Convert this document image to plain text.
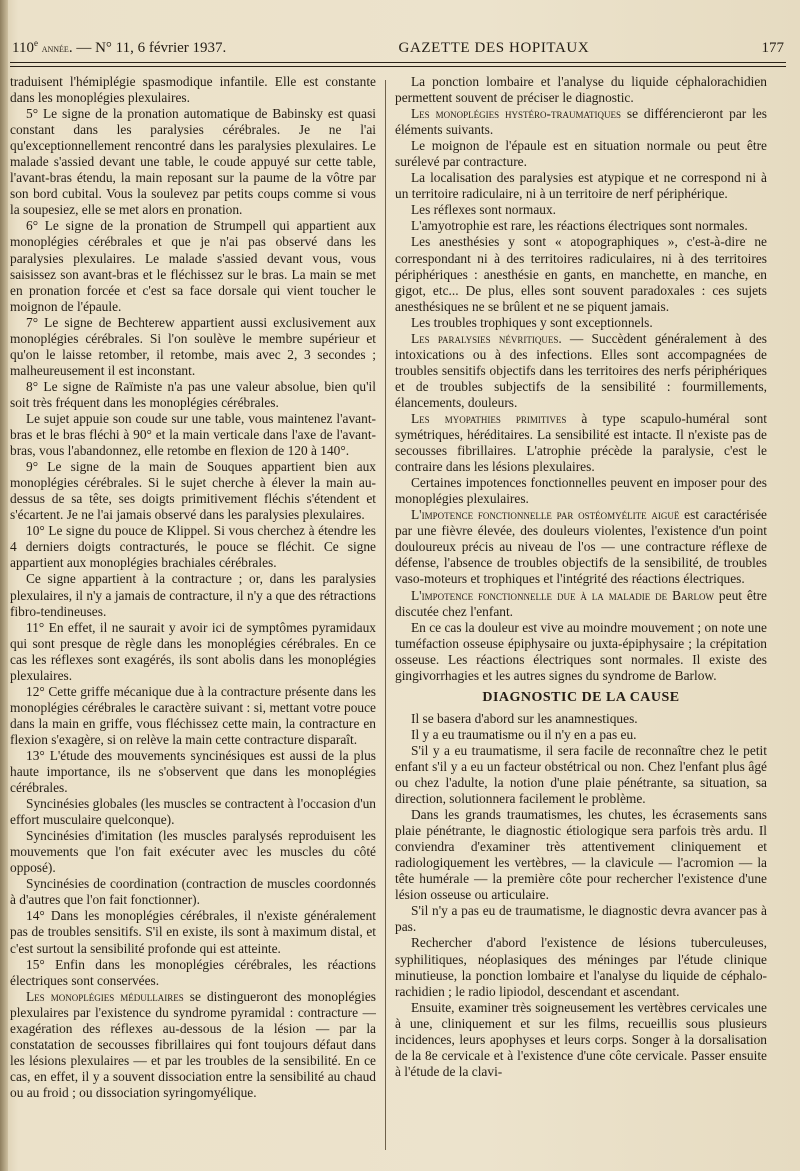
110e année. — N° 11, 6 février 1937.	GAZETTE DES HOPITAUX	177

traduisent l'hémiplégie spasmodique infantile. Elle est constante dans les monoplégies plexulaires.

5° Le signe de la pronation automatique de Babinsky est quasi constant dans les paralysies cérébrales. Je ne l'ai qu'exceptionnellement rencontré dans les paralysies plexulaires. Le malade s'assied devant une table, le coude appuyé sur cette table, l'avant-bras étendu, la main reposant sur la paume de la vôtre par son bord cubital. Vous la soulevez par petits coups comme si vous la soupesiez, elle se met alors en pronation.

6° Le signe de la pronation de Strumpell qui appartient aux monoplégies cérébrales et que je n'ai pas observé dans les paralysies plexulaires. Le malade s'assied devant vous, vous saisissez son avant-bras et le fléchissez sur le bras. La main se met en pronation forcée et c'est sa face dorsale qui vient toucher le moignon de l'épaule.

7° Le signe de Bechterew appartient aussi exclusivement aux monoplégies cérébrales. Si l'on soulève le membre supérieur et qu'on le laisse retomber, il retombe, mais avec 2, 3 secondes ; malheureusement il est inconstant.

8° Le signe de Raïmiste n'a pas une valeur absolue, bien qu'il soit très fréquent dans les monoplégies cérébrales.

Le sujet appuie son coude sur une table, vous maintenez l'avant-bras et le bras fléchi à 90° et la main verticale dans l'axe de l'avant-bras, vous l'abandonnez, elle retombe en flexion de 120 à 140°.

9° Le signe de la main de Souques appartient bien aux monoplégies cérébrales. Si le sujet cherche à élever la main au-dessus de sa tête, ses doigts primitivement fléchis s'étendent et s'écartent. Je ne l'ai jamais observé dans les paralysies plexulaires.

10° Le signe du pouce de Klippel. Si vous cherchez à étendre les 4 derniers doigts contracturés, le pouce se fléchit. Ce signe appartient aux monoplégies brachiales cérébrales.

Ce signe appartient à la contracture ; or, dans les paralysies plexulaires, il n'y a jamais de contracture, il n'y a que des rétractions fibro-tendineuses.

11° En effet, il ne saurait y avoir ici de symptômes pyramidaux qui sont presque de règle dans les monoplégies cérébrales. En ce cas les réflexes sont exagérés, ils sont abolis dans les monoplégies plexulaires.

12° Cette griffe mécanique due à la contracture présente dans les monoplégies cérébrales le caractère suivant : si, mettant votre pouce dans la main en griffe, vous fléchissez cette main, la contracture en flexion s'exagère, si on relève la main cette contracture disparaît.

13° L'étude des mouvements syncinésiques est aussi de la plus haute importance, ils ne s'observent que dans les monoplégies cérébrales.

Syncinésies globales (les muscles se contractent à l'occasion d'un effort musculaire quelconque).

Syncinésies d'imitation (les muscles paralysés reproduisent les mouvements que l'on fait exécuter avec les muscles du côté opposé).

Syncinésies de coordination (contraction de muscles coordonnés à d'autres que l'on fait fonctionner).

14° Dans les monoplégies cérébrales, il n'existe généralement pas de troubles sensitifs. S'il en existe, ils sont à maximum distal, et c'est surtout la sensibilité profonde qui est atteinte.

15° Enfin dans les monoplégies cérébrales, les réactions électriques sont conservées.

Les monoplégies médullaires se distingueront des monoplégies plexulaires par l'existence du syndrome pyramidal : contracture — exagération des réflexes au-dessous de la lésion — par la constatation de secousses fibrillaires qui font toujours défaut dans les lésions plexulaires — et par les troubles de la sensibilité. En ce cas, en effet, il y a souvent dissociation entre la sensibilité au chaud ou au froid ; ou dissociation syringomyélique.

La ponction lombaire et l'analyse du liquide céphalorachidien permettent souvent de préciser le diagnostic.

Les monoplégies hystéro-traumatiques se différencieront par les éléments suivants.

Le moignon de l'épaule est en situation normale ou peut être surélevé par contracture.

La localisation des paralysies est atypique et ne correspond ni à un territoire radiculaire, ni à un territoire de nerf périphérique.

Les réflexes sont normaux.

L'amyotrophie est rare, les réactions électriques sont normales.

Les anesthésies y sont « atopographiques », c'est-à-dire ne correspondant ni à des territoires radiculaires, ni à des territoires périphériques : anesthésie en gants, en manchette, en manche, en gigot, etc... De plus, elles sont souvent paradoxales : ces sujets anesthésiques ne se brûlent et ne se piquent jamais.

Les troubles trophiques y sont exceptionnels.

Les paralysies névritiques. — Succèdent généralement à des intoxications ou à des infections. Elles sont accompagnées de troubles sensitifs objectifs dans les territoires des nerfs périphériques et de troubles subjectifs de la sensibilité : fourmillements, élancements, douleurs.

Les myopathies primitives à type scapulo-huméral sont symétriques, héréditaires. La sensibilité est intacte. Il n'existe pas de secousses fibrillaires. L'atrophie précède la paralysie, c'est le contraire dans les lésions plexulaires.

Certaines impotences fonctionnelles peuvent en imposer pour des monoplégies plexulaires.

L'impotence fonctionnelle par ostéomyélite aiguë est caractérisée par une fièvre élevée, des douleurs violentes, l'existence d'un point douloureux précis au niveau de l'os — une contracture réflexe de défense, l'absence de troubles objectifs de la sensibilité, de troubles vaso-moteurs et trophiques et l'intégrité des réactions électriques.

L'impotence fonctionnelle due à la maladie de Barlow peut être discutée chez l'enfant.

En ce cas la douleur est vive au moindre mouvement ; on note une tuméfaction osseuse épiphysaire ou juxta-épiphysaire ; la crépitation osseuse. Les réactions électriques sont normales. Il existe des gingivorrhagies et les autres signes du syndrome de Barlow.

DIAGNOSTIC DE LA CAUSE

Il se basera d'abord sur les anamnestiques.

Il y a eu traumatisme ou il n'y en a pas eu.

S'il y a eu traumatisme, il sera facile de reconnaître chez le petit enfant s'il y a eu un facteur obstétrical ou non. Chez l'enfant plus âgé ou chez l'adulte, la notion d'une plaie pénétrante, sa situation, sa direction, solutionnera facilement le problème.

Dans les grands traumatismes, les chutes, les écrasements sans plaie pénétrante, le diagnostic étiologique sera parfois très ardu. Il conviendra d'examiner très attentivement cliniquement et radiologiquement les vertèbres, — la clavicule — l'acromion — la tête humérale — la première côte pour rechercher l'existence d'une lésion osseuse ou articulaire.

S'il n'y a pas eu de traumatisme, le diagnostic devra avancer pas à pas.

Rechercher d'abord l'existence de lésions tuberculeuses, syphilitiques, néoplasiques des méninges par l'étude clinique minutieuse, la ponction lombaire et l'analyse du liquide de céphalo-rachidien ; le radio lipiodol, descendant et ascendant.

Ensuite, examiner très soigneusement les vertèbres cervicales une à une, cliniquement et sur les films, recueillis sous plusieurs incidences, leurs apophyses et leurs corps. Songer à la dorsalisation de la 8e cervicale et à l'existence d'une côte cervicale. Passer ensuite à l'étude de la clavi-
